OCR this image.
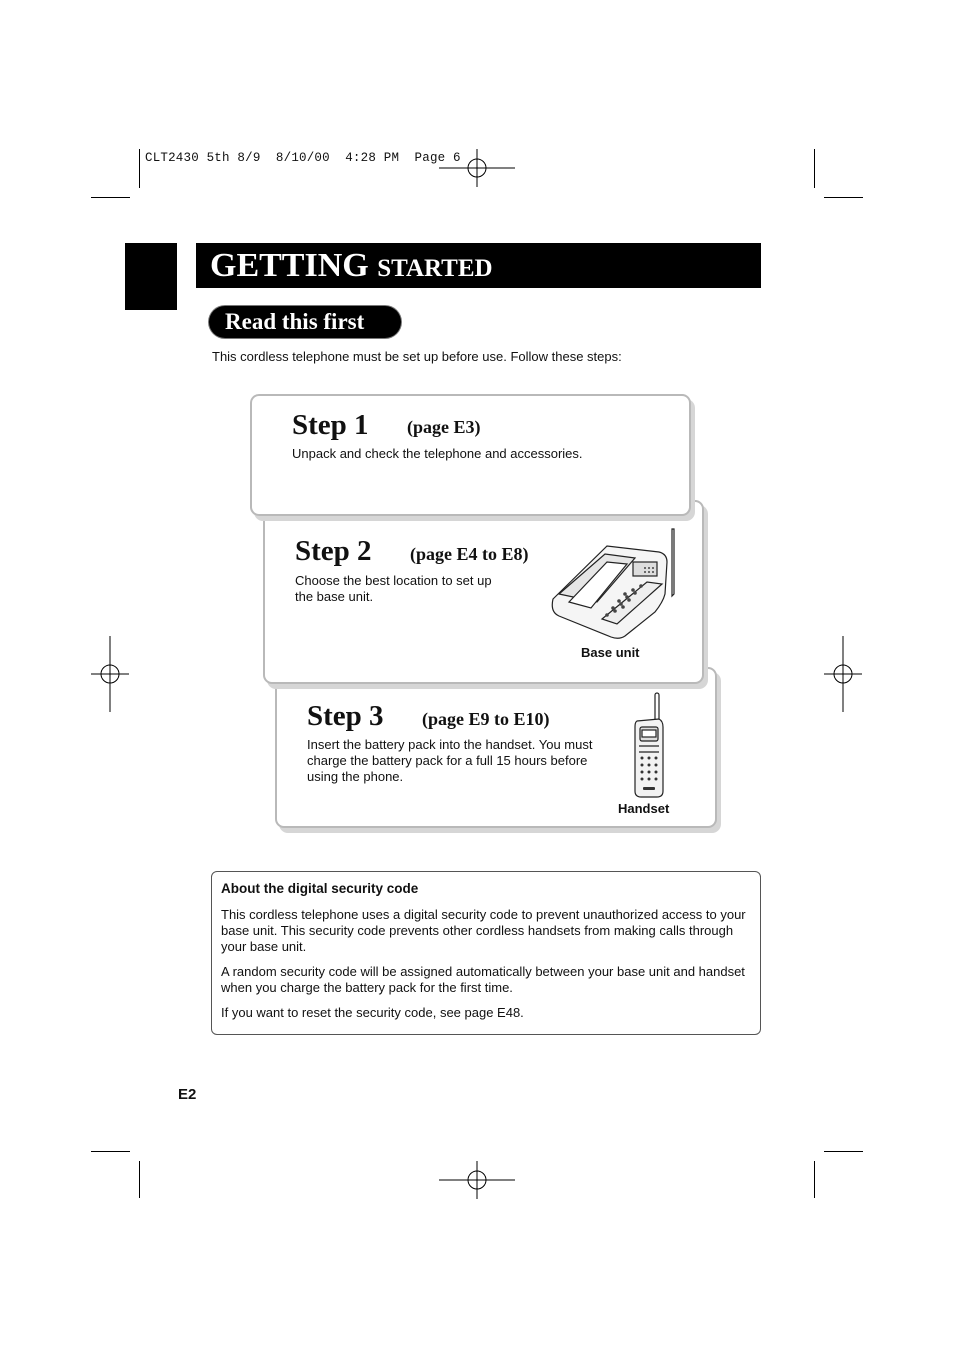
CLT2430 5th 8/9  8/10/00  4:28 PM  Page 6
GETTING STARTED
Read this first
This cordless telephone must be set up before use. Follow these steps:
Step 3 (page E9 to E10)
Insert the battery pack into the handset. You must charge the battery pack for a full 15 hours before using the phone.
Handset
Step 2 (page E4 to E8)
Choose the best location to set up the base unit.
Base unit
Step 1 (page E3)
Unpack and check the telephone and accessories.
About the digital security code
This cordless telephone uses a digital security code to prevent unauthorized access to your base unit. This security code prevents other cordless handsets from making calls through your base unit.
A random security code will be assigned automatically between your base unit and handset when you charge the battery pack for the first time.
If you want to reset the security code, see page E48.
E2
